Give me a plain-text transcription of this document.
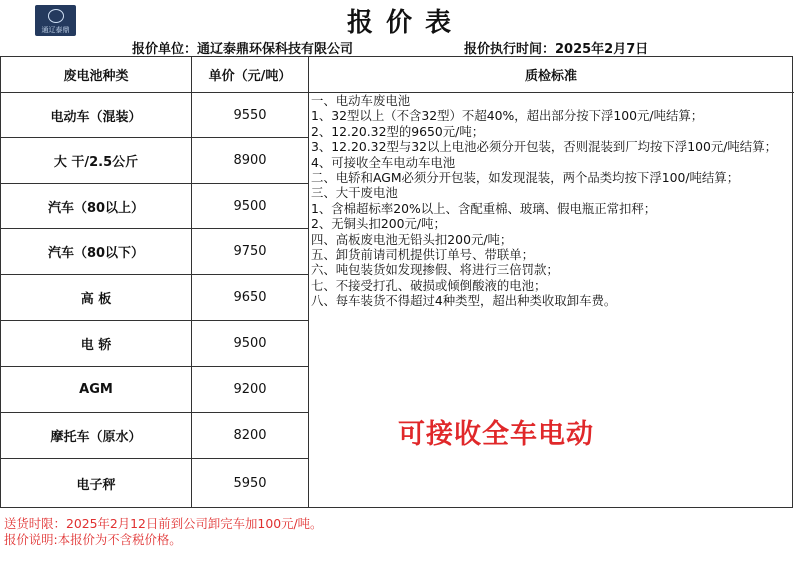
通辽泰鼎	报 价 表
报价单位：通辽泰鼎环保科技有限公司	报价执行时间：2025年2月7日
废电池种类	单价（元/吨）	质检标准
电动车（混装）	9550
大 干/2.5公斤	8900
汽车（80以上）	9500
汽车（80以下）	9750
高 板	9650
电 轿	9500
AGM	9200
摩托车（原水）	8200
电子秤	5950
一、电动车废电池
1、32型以上（不含32型）不超40%，超出部分按下浮100元/吨结算；
2、12.20.32型的9650元/吨；
3、12.20.32型与32以上电池必须分开包装，否则混装到厂均按下浮100元/吨结算；
4、可接收全车电动车电池
二、电轿和AGM必须分开包装，如发现混装，两个品类均按下浮100/吨结算；
三、大干废电池
1、含棉超标率20%以上、含配重棉、玻璃、假电瓶正常扣秤；
2、无铜头扣200元/吨；
四、高板废电池无铅头扣200元/吨；
五、卸货前请司机提供订单号、带联单；
六、吨包装货如发现掺假、将进行三倍罚款；
七、不接受打孔、破损或倾倒酸液的电池；
八、每车装货不得超过4种类型，超出种类收取卸车费。
可接收全车电动
送货时限：2025年2月12日前到公司卸完车加100元/吨。
报价说明:本报价为不含税价格。
